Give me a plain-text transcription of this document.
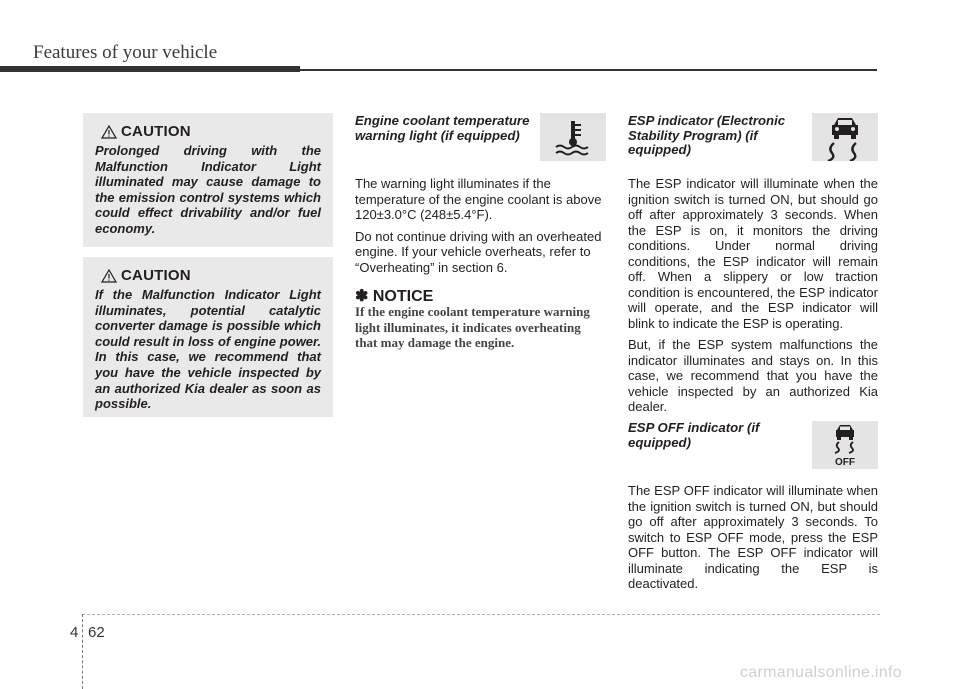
Features of your vehicle
CAUTION

Prolonged driving with the Malfunction Indicator Light illuminated may cause damage to the emission control systems which could effect drivability and/or fuel economy.

CAUTION

If the Malfunction Indicator Light illuminates, potential catalytic converter damage is possible which could result in loss of engine power. In this case, we recommend that you have the vehicle inspected by an authorized Kia dealer as soon as possible.

Engine coolant temperature warning light (if equipped)

The warning light illuminates if the temperature of the engine coolant is above 120±3.0°C (248±5.4°F).

Do not continue driving with an overheated engine. If your vehicle overheats, refer to “Overheating” in section 6.

✽ NOTICE

If the engine coolant temperature warning light illuminates, it indicates overheating that may damage the engine.

ESP indicator (Electronic Stability Program) (if equipped)

The ESP indicator will illuminate when the ignition switch is turned ON, but should go off after approximately 3 seconds. When the ESP is on, it monitors the driving conditions. Under normal driving conditions, the ESP indicator will remain off. When a slippery or low traction condition is encountered, the ESP indicator will operate, and the ESP indicator will blink to indicate the ESP is operating.

But, if the ESP system malfunctions the indicator illuminates and stays on. In this case, we recommend that you have the vehicle inspected by an authorized Kia dealer.

ESP OFF indicator (if equipped)
OFF

The ESP OFF indicator will illuminate when the ignition switch is turned ON, but should go off after approximately 3 seconds. To switch to ESP OFF mode, press the ESP OFF button. The ESP OFF indicator will illuminate indicating the ESP is deactivated.

4 62
carmanualsonline.info
